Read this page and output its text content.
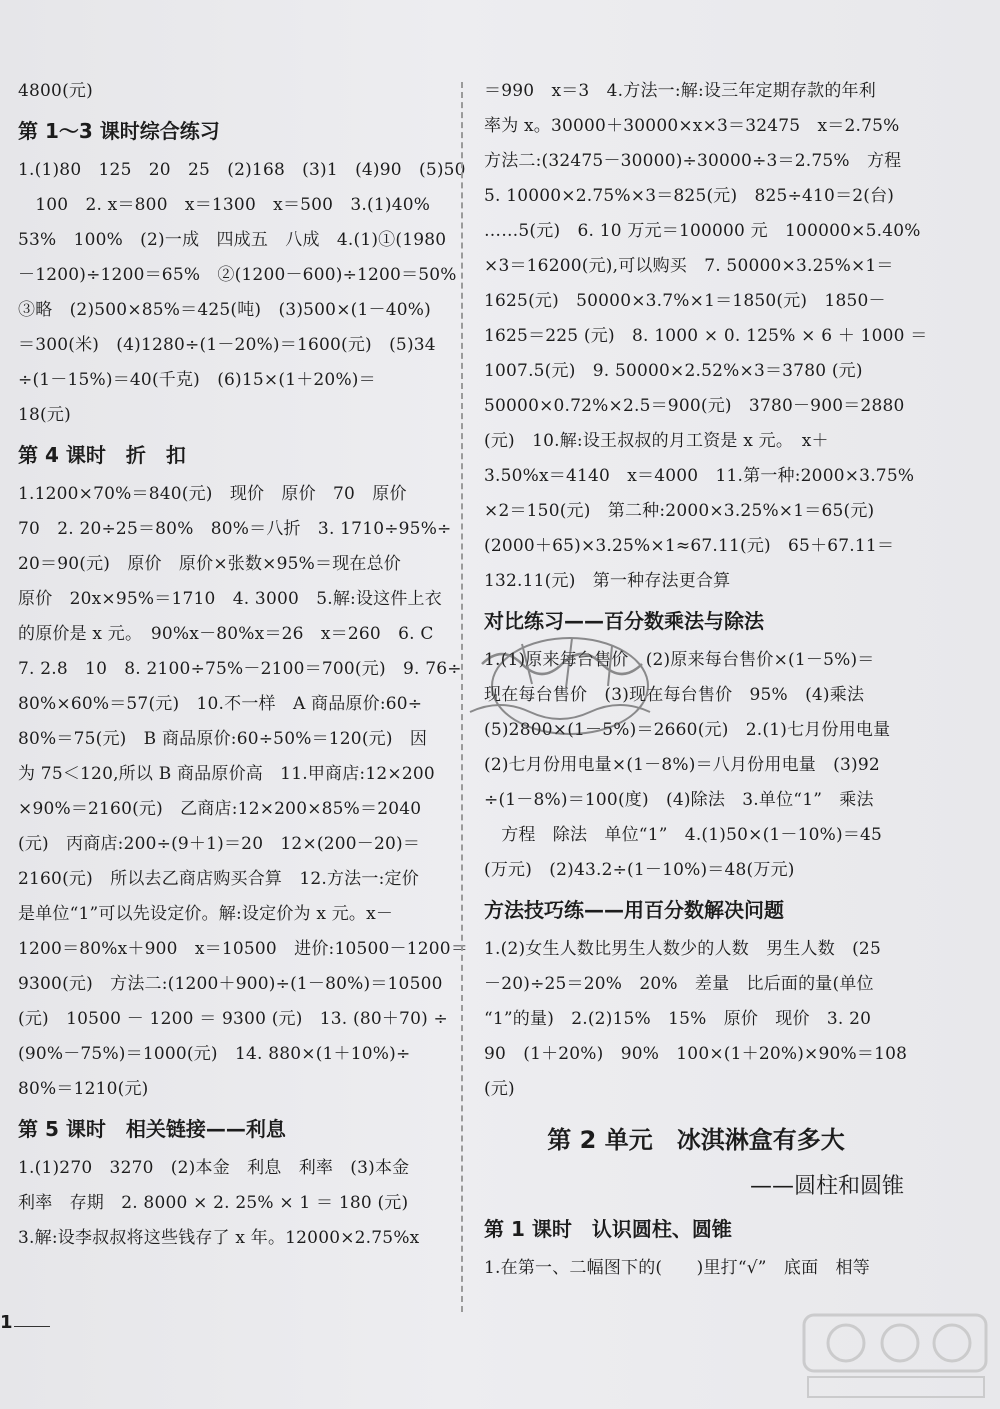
4800(元)
第 1～3 课时综合练习
1.(1)80　125　20　25　(2)168　(3)1　(4)90　(5)50
　100　2. x＝800　x＝1300　x＝500　3.(1)40%
53%　100%　(2)一成　四成五　八成　4.(1)①(1980
－1200)÷1200＝65%　②(1200－600)÷1200＝50%
③略　(2)500×85%＝425(吨)　(3)500×(1－40%)
＝300(米)　(4)1280÷(1－20%)＝1600(元)　(5)34
÷(1－15%)＝40(千克)　(6)15×(1＋20%)＝
18(元)
第 4 课时　折　扣
1.1200×70%＝840(元)　现价　原价　70　原价
70　2. 20÷25＝80%　80%＝八折　3. 1710÷95%÷
20＝90(元)　原价　原价×张数×95%＝现在总价
原价　20x×95%＝1710　4. 3000　5.解:设这件上衣
的原价是 x 元。　90%x－80%x＝26　x＝260　6. C
7. 2.8　10　8. 2100÷75%－2100＝700(元)　9. 76÷
80%×60%＝57(元)　10.不一样　A 商品原价:60÷
80%＝75(元)　B 商品原价:60÷50%＝120(元)　因
为 75＜120,所以 B 商品原价高　11.甲商店:12×200
×90%＝2160(元)　乙商店:12×200×85%＝2040
(元)　丙商店:200÷(9＋1)＝20　12×(200－20)＝
2160(元)　所以去乙商店购买合算　12.方法一:定价
是单位“1”可以先设定价。解:设定价为 x 元。x－
1200＝80%x＋900　x＝10500　进价:10500－1200＝
9300(元)　方法二:(1200＋900)÷(1－80%)＝10500
(元)　10500 － 1200 ＝ 9300 (元)　13. (80＋70) ÷
(90%－75%)＝1000(元)　14. 880×(1＋10%)÷
80%＝1210(元)
第 5 课时　相关链接——利息
1.(1)270　3270　(2)本金　利息　利率　(3)本金
利率　存期　2. 8000 × 2. 25% × 1 ＝ 180 (元)
3.解:设李叔叔将这些钱存了 x 年。12000×2.75%x
＝990　x＝3　4.方法一:解:设三年定期存款的年利
率为 x。30000＋30000×x×3＝32475　x＝2.75%
方法二:(32475－30000)÷30000÷3＝2.75%　方程
5. 10000×2.75%×3＝825(元)　825÷410＝2(台)
……5(元)　6. 10 万元＝100000 元　100000×5.40%
×3＝16200(元),可以购买　7. 50000×3.25%×1＝
1625(元)　50000×3.7%×1＝1850(元)　1850－
1625＝225 (元)　8. 1000 × 0. 125% × 6 ＋ 1000 ＝
1007.5(元)　9. 50000×2.52%×3＝3780 (元)
50000×0.72%×2.5＝900(元)　3780－900＝2880
(元)　10.解:设王叔叔的月工资是 x 元。　x＋
3.50%x＝4140　x＝4000　11.第一种:2000×3.75%
×2＝150(元)　第二种:2000×3.25%×1＝65(元)
(2000＋65)×3.25%×1≈67.11(元)　65＋67.11＝
132.11(元)　第一种存法更合算
对比练习——百分数乘法与除法
1.(1)原来每台售价　(2)原来每台售价×(1－5%)＝
现在每台售价　(3)现在每台售价　95%　(4)乘法
(5)2800×(1－5%)＝2660(元)　2.(1)七月份用电量
(2)七月份用电量×(1－8%)＝八月份用电量　(3)92
÷(1－8%)＝100(度)　(4)除法　3.单位“1”　乘法
　方程　除法　单位“1”　4.(1)50×(1－10%)＝45
(万元)　(2)43.2÷(1－10%)＝48(万元)
方法技巧练——用百分数解决问题
1.(2)女生人数比男生人数少的人数　男生人数　(25
－20)÷25＝20%　20%　差量　比后面的量(单位
“1”的量)　2.(2)15%　15%　原价　现价　3. 20
90　(1＋20%)　90%　100×(1＋20%)×90%＝108
(元)
第 2 单元　冰淇淋盒有多大
——圆柱和圆锥
第 1 课时　认识圆柱、圆锥
1.在第一、二幅图下的(　　)里打“√”　底面　相等
1
